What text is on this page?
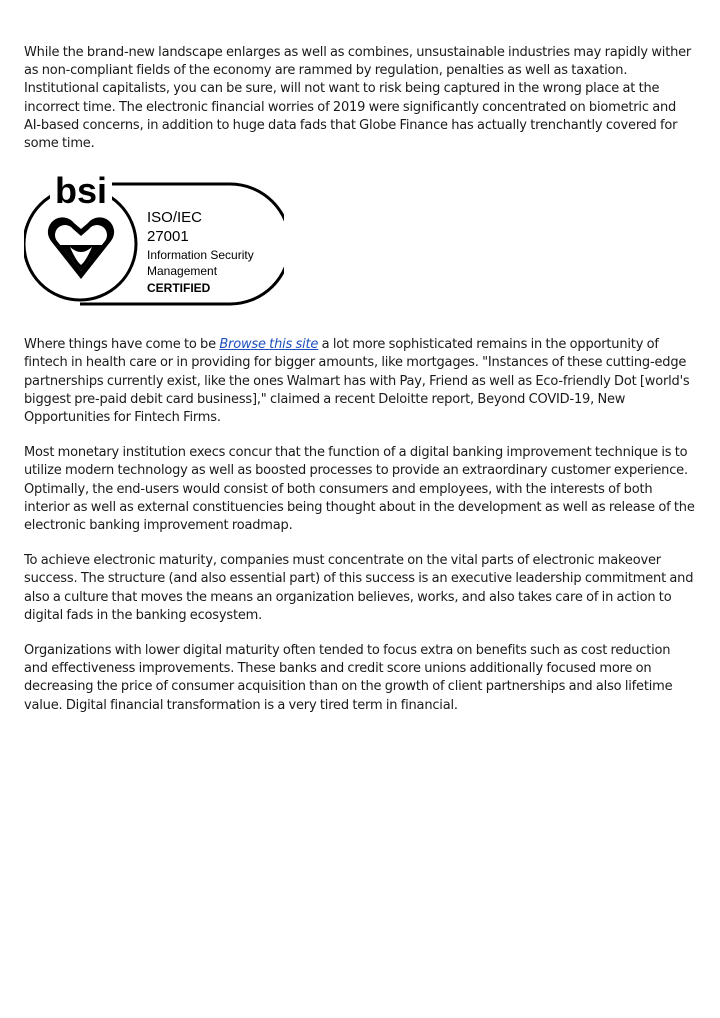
While the brand-new landscape enlarges as well as combines, unsustainable industries may rapidly wither as non-compliant fields of the economy are rammed by regulation, penalties as well as taxation. Institutional capitalists, you can be sure, will not want to risk being captured in the wrong place at the incorrect time. The electronic financial worries of 2019 were significantly concentrated on biometric and AI-based concerns, in addition to huge data fads that Globe Finance has actually trenchantly covered for some time.

bsi
ISO/IEC
27001
Information Security
Management
CERTIFIED

Where things have come to be Browse this site a lot more sophisticated remains in the opportunity of fintech in health care or in providing for bigger amounts, like mortgages. "Instances of these cutting-edge partnerships currently exist, like the ones Walmart has with Pay, Friend as well as Eco-friendly Dot [world's biggest pre-paid debit card business]," claimed a recent Deloitte report, Beyond COVID-19, New Opportunities for Fintech Firms.

Most monetary institution execs concur that the function of a digital banking improvement technique is to utilize modern technology as well as boosted processes to provide an extraordinary customer experience. Optimally, the end-users would consist of both consumers and employees, with the interests of both interior as well as external constituencies being thought about in the development as well as release of the electronic banking improvement roadmap.

To achieve electronic maturity, companies must concentrate on the vital parts of electronic makeover success. The structure (and also essential part) of this success is an executive leadership commitment and also a culture that moves the means an organization believes, works, and also takes care of in action to digital fads in the banking ecosystem.

Organizations with lower digital maturity often tended to focus extra on benefits such as cost reduction and effectiveness improvements. These banks and credit score unions additionally focused more on decreasing the price of consumer acquisition than on the growth of client partnerships and also lifetime value. Digital financial transformation is a very tired term in financial.
